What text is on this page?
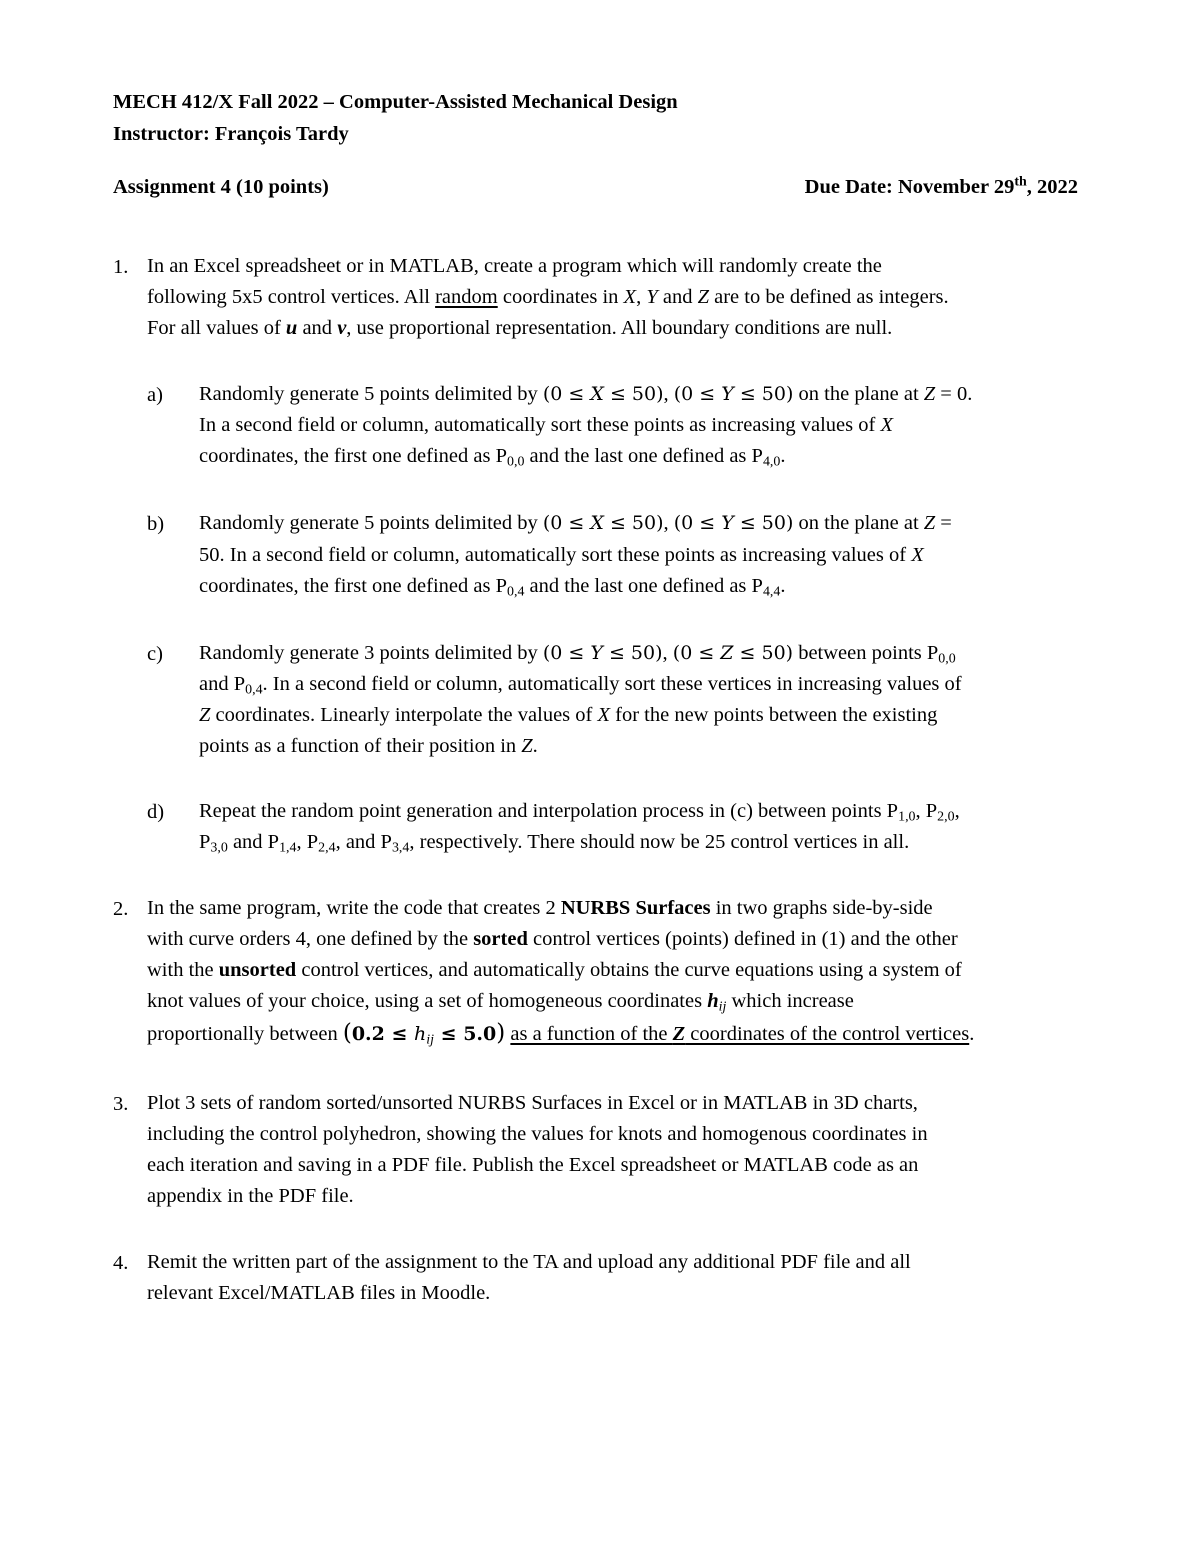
MECH 412/X Fall 2022 – Computer-Assisted Mechanical Design
Instructor: François Tardy
Assignment 4 (10 points)	Due Date: November 29th, 2022
1. In an Excel spreadsheet or in MATLAB, create a program which will randomly create the
following 5x5 control vertices. All random coordinates in X, Y and Z are to be defined as integers.
For all values of u and v, use proportional representation. All boundary conditions are null.
a) Randomly generate 5 points delimited by (0 ≤ X ≤ 50), (0 ≤ Y ≤ 50) on the plane at Z = 0.
In a second field or column, automatically sort these points as increasing values of X
coordinates, the first one defined as $P_{0,0}$ and the last one defined as $P_{4,0}$.
b) Randomly generate 5 points delimited by (0 ≤ X ≤ 50), (0 ≤ Y ≤ 50) on the plane at Z =
50. In a second field or column, automatically sort these points as increasing values of X
coordinates, the first one defined as $P_{0,4}$ and the last one defined as $P_{4,4}$.
c) Randomly generate 3 points delimited by (0 ≤ Y ≤ 50), (0 ≤ Z ≤ 50) between points $P_{0,0}$
and $P_{0,4}$. In a second field or column, automatically sort these vertices in increasing values of
Z coordinates. Linearly interpolate the values of X for the new points between the existing
points as a function of their position in Z.
d) Repeat the random point generation and interpolation process in (c) between points $P_{1,0}$, $P_{2,0}$,
$P_{3,0}$ and $P_{1,4}$, $P_{2,4}$, and $P_{3,4}$, respectively. There should now be 25 control vertices in all.
2. In the same program, write the code that creates 2 NURBS Surfaces in two graphs side-by-side
with curve orders 4, one defined by the sorted control vertices (points) defined in (1) and the other
with the unsorted control vertices, and automatically obtains the curve equations using a system of
knot values of your choice, using a set of homogeneous coordinates $h_{ij}$ which increase
proportionally between $(0.2 \le h_{ij} \le 5.0)$ as a function of the Z coordinates of the control vertices.
3. Plot 3 sets of random sorted/unsorted NURBS Surfaces in Excel or in MATLAB in 3D charts,
including the control polyhedron, showing the values for knots and homogenous coordinates in
each iteration and saving in a PDF file. Publish the Excel spreadsheet or MATLAB code as an
appendix in the PDF file.
4. Remit the written part of the assignment to the TA and upload any additional PDF file and all
relevant Excel/MATLAB files in Moodle.
